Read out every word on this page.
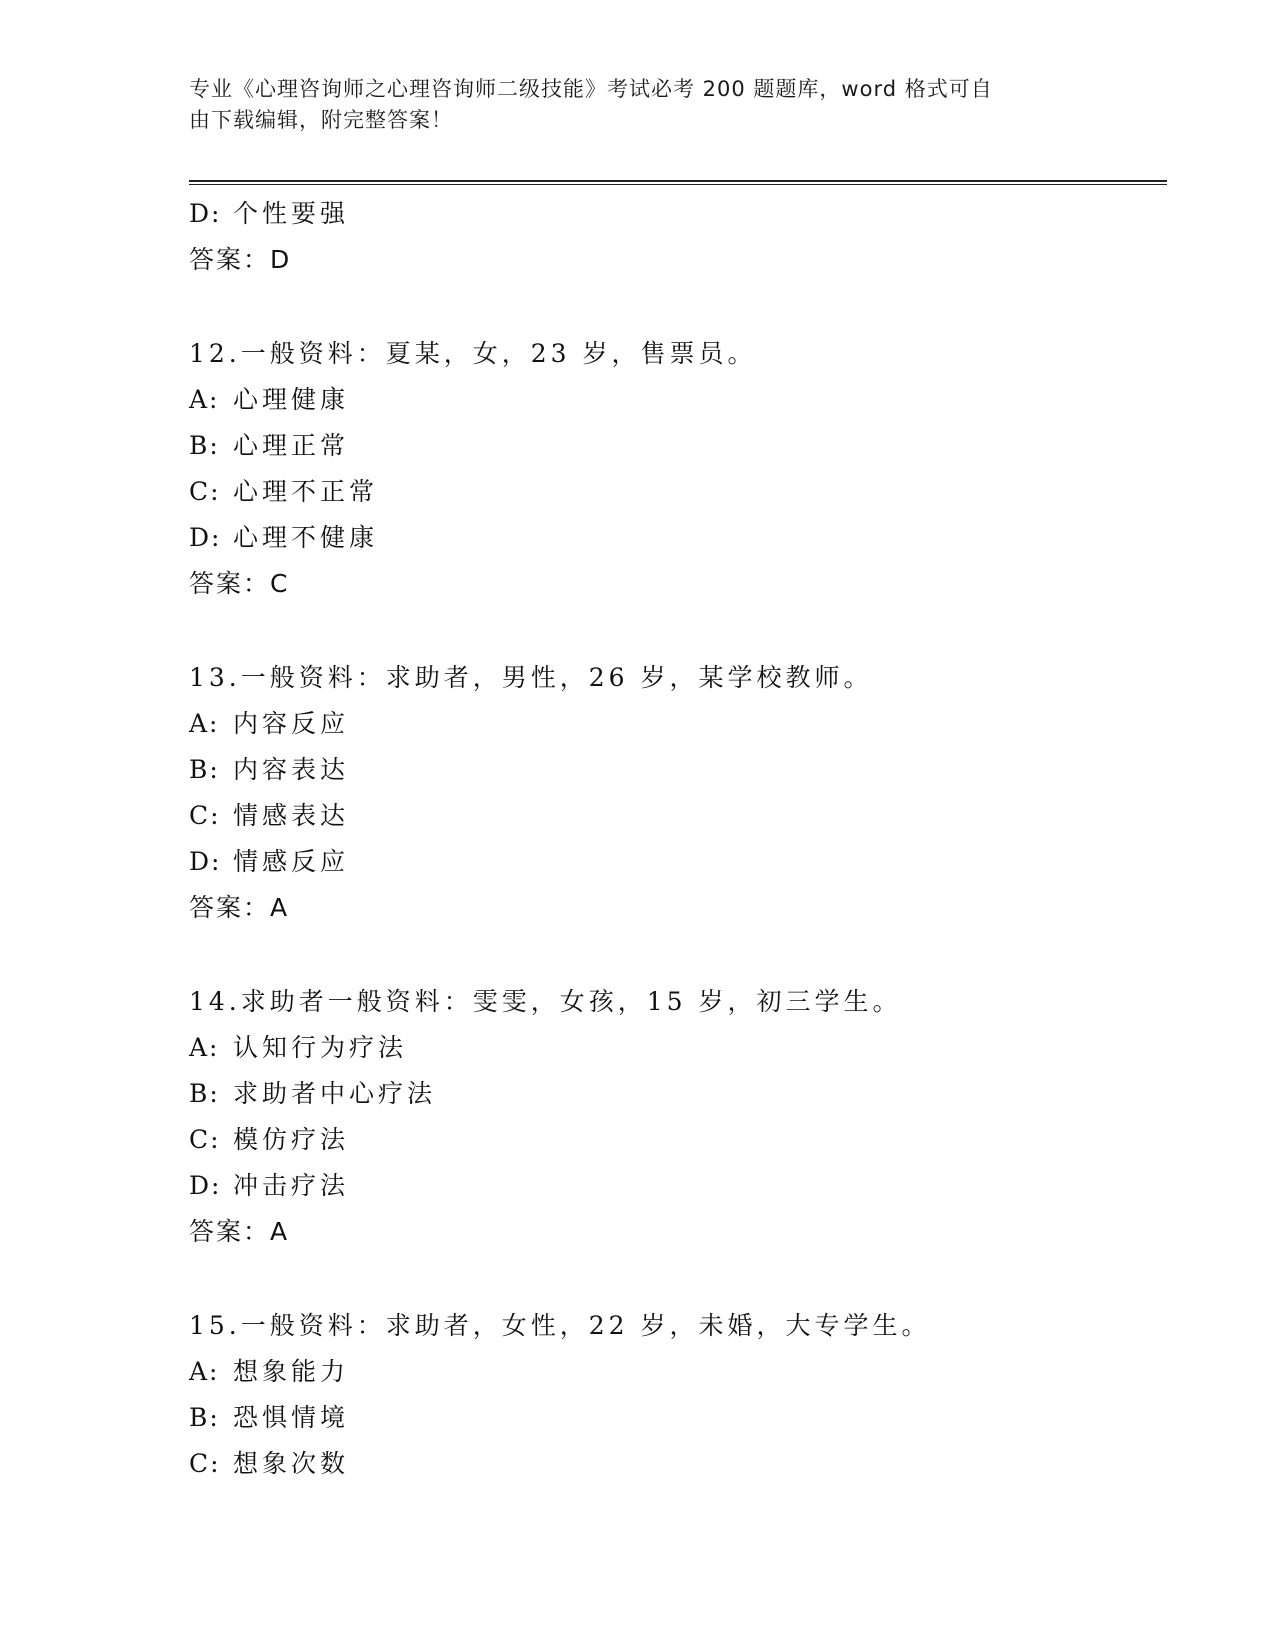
专业《心理咨询师之心理咨询师二级技能》考试必考 200 题题库，word 格式可自
由下载编辑，附完整答案！
D: 个性要强
答案：D
12.一般资料：夏某，女，23 岁，售票员。
A: 心理健康
B: 心理正常
C: 心理不正常
D: 心理不健康
答案：C
13.一般资料：求助者，男性，26 岁，某学校教师。
A: 内容反应
B: 内容表达
C: 情感表达
D: 情感反应
答案：A
14.求助者一般资料：雯雯，女孩，15 岁，初三学生。
A: 认知行为疗法
B: 求助者中心疗法
C: 模仿疗法
D: 冲击疗法
答案：A
15.一般资料：求助者，女性，22 岁，未婚，大专学生。
A: 想象能力
B: 恐惧情境
C: 想象次数
